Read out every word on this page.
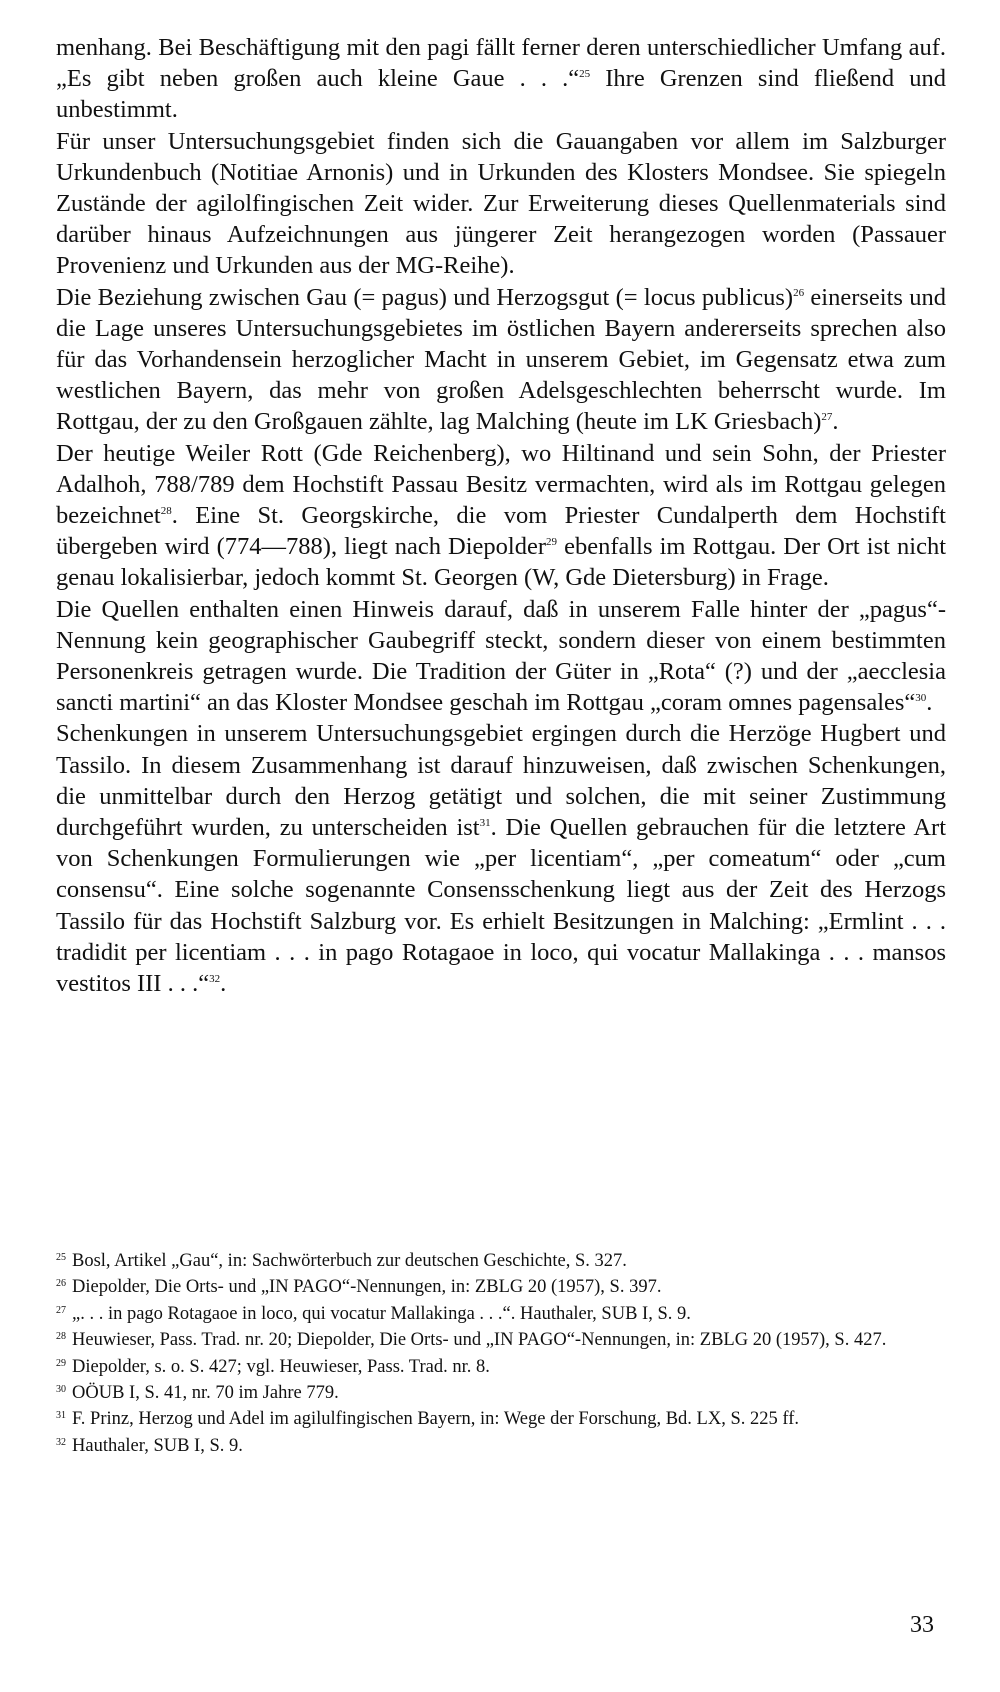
menhang. Bei Beschäftigung mit den pagi fällt ferner deren unterschiedlicher Umfang auf. „Es gibt neben großen auch kleine Gaue . . .“$^{25}$ Ihre Grenzen sind fließend und unbestimmt.

Für unser Untersuchungsgebiet finden sich die Gauangaben vor allem im Salzburger Urkundenbuch (Notitiae Arnonis) und in Urkunden des Klosters Mondsee. Sie spiegeln Zustände der agilolfingischen Zeit wider. Zur Erweiterung dieses Quellenmaterials sind darüber hinaus Aufzeichnungen aus jüngerer Zeit herangezogen worden (Passauer Provenienz und Urkunden aus der MG-Reihe).

Die Beziehung zwischen Gau (= pagus) und Herzogsgut (= locus publicus)$^{26}$ einerseits und die Lage unseres Untersuchungsgebietes im östlichen Bayern andererseits sprechen also für das Vorhandensein herzoglicher Macht in unserem Gebiet, im Gegensatz etwa zum westlichen Bayern, das mehr von großen Adelsgeschlechten beherrscht wurde. Im Rottgau, der zu den Großgauen zählte, lag Malching (heute im LK Griesbach)$^{27}$.

Der heutige Weiler Rott (Gde Reichenberg), wo Hiltinand und sein Sohn, der Priester Adalhoh, 788/789 dem Hochstift Passau Besitz vermachten, wird als im Rottgau gelegen bezeichnet$^{28}$. Eine St. Georgskirche, die vom Priester Cundalperth dem Hochstift übergeben wird (774—788), liegt nach Diepolder$^{29}$ ebenfalls im Rottgau. Der Ort ist nicht genau lokalisierbar, jedoch kommt St. Georgen (W, Gde Dietersburg) in Frage.

Die Quellen enthalten einen Hinweis darauf, daß in unserem Falle hinter der „pagus“-Nennung kein geographischer Gaubegriff steckt, sondern dieser von einem bestimmten Personenkreis getragen wurde. Die Tradition der Güter in „Rota“ (?) und der „aecclesia sancti martini“ an das Kloster Mondsee geschah im Rottgau „coram omnes pagensales“$^{30}$.

Schenkungen in unserem Untersuchungsgebiet ergingen durch die Herzöge Hugbert und Tassilo. In diesem Zusammenhang ist darauf hinzuweisen, daß zwischen Schenkungen, die unmittelbar durch den Herzog getätigt und solchen, die mit seiner Zustimmung durchgeführt wurden, zu unterscheiden ist$^{31}$. Die Quellen gebrauchen für die letztere Art von Schenkungen Formulierungen wie „per licentiam“, „per comeatum“ oder „cum consensu“. Eine solche sogenannte Consensschenkung liegt aus der Zeit des Herzogs Tassilo für das Hochstift Salzburg vor. Es erhielt Besitzungen in Malching: „Ermlint . . . tradidit per licentiam . . . in pago Rotagaoe in loco, qui vocatur Mallakinga . . . mansos vestitos III . . .“$^{32}$.

$^{25}$ Bosl, Artikel „Gau“, in: Sachwörterbuch zur deutschen Geschichte, S. 327.
$^{26}$ Diepolder, Die Orts- und „IN PAGO“-Nennungen, in: ZBLG 20 (1957), S. 397.
$^{27}$ „. . . in pago Rotagaoe in loco, qui vocatur Mallakinga . . .“. Hauthaler, SUB I, S. 9.
$^{28}$ Heuwieser, Pass. Trad. nr. 20; Diepolder, Die Orts- und „IN PAGO“-Nennungen, in: ZBLG 20 (1957), S. 427.
$^{29}$ Diepolder, s. o. S. 427; vgl. Heuwieser, Pass. Trad. nr. 8.
$^{30}$ OÖUB I, S. 41, nr. 70 im Jahre 779.
$^{31}$ F. Prinz, Herzog und Adel im agilulfingischen Bayern, in: Wege der Forschung, Bd. LX, S. 225 ff.
$^{32}$ Hauthaler, SUB I, S. 9.
33
